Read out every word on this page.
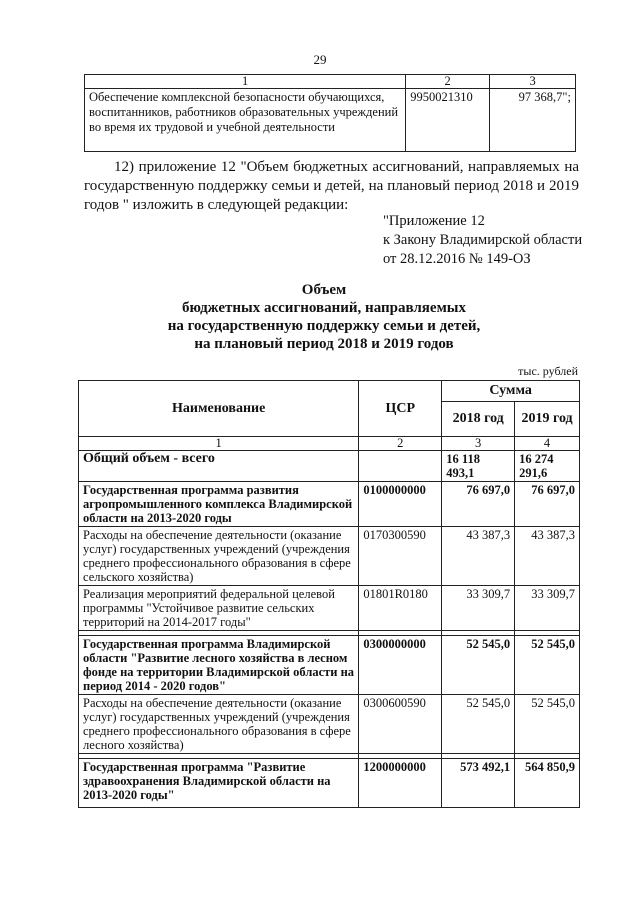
29
1	2	3
Обеспечение комплексной безопасности обучающихся, воспитанников, работников образовательных учреждений во время их трудовой и учебной деятельности	9950021310	97 368,7";
12) приложение 12 "Объем бюджетных ассигнований, направляемых на государственную поддержку семьи и детей, на плановый период 2018 и 2019 годов " изложить в следующей редакции:
"Приложение 12
к Закону Владимирской области
от 28.12.2016 № 149-ОЗ
Объем
бюджетных ассигнований, направляемых
на государственную поддержку семьи и детей,
на плановый период 2018 и 2019 годов
тыс. рублей
Наименование	ЦСР	Сумма	
		2018 год	2019 год
1	2	3	4
Общий объем - всего		16 118 493,1	16 274 291,6
Государственная программа развития агропромышленного комплекса Владимирской области на 2013-2020 годы	0100000000	76 697,0	76 697,0
Расходы на обеспечение деятельности (оказание услуг) государственных учреждений (учреждения среднего профессионального образования в сфере сельского хозяйства)	0170300590	43 387,3	43 387,3
Реализация мероприятий федеральной целевой программы "Устойчивое развитие сельских территорий на 2014-2017 годы"	01801R0180	33 309,7	33 309,7

Государственная программа Владимирской области "Развитие лесного хозяйства в лесном фонде на территории Владимирской области на период 2014 - 2020 годов"	0300000000	52 545,0	52 545,0
Расходы на обеспечение деятельности (оказание услуг) государственных учреждений (учреждения среднего профессионального образования в сфере лесного хозяйства)	0300600590	52 545,0	52 545,0

Государственная программа "Развитие здравоохранения Владимирской области на 2013-2020 годы"	1200000000	573 492,1	564 850,9
